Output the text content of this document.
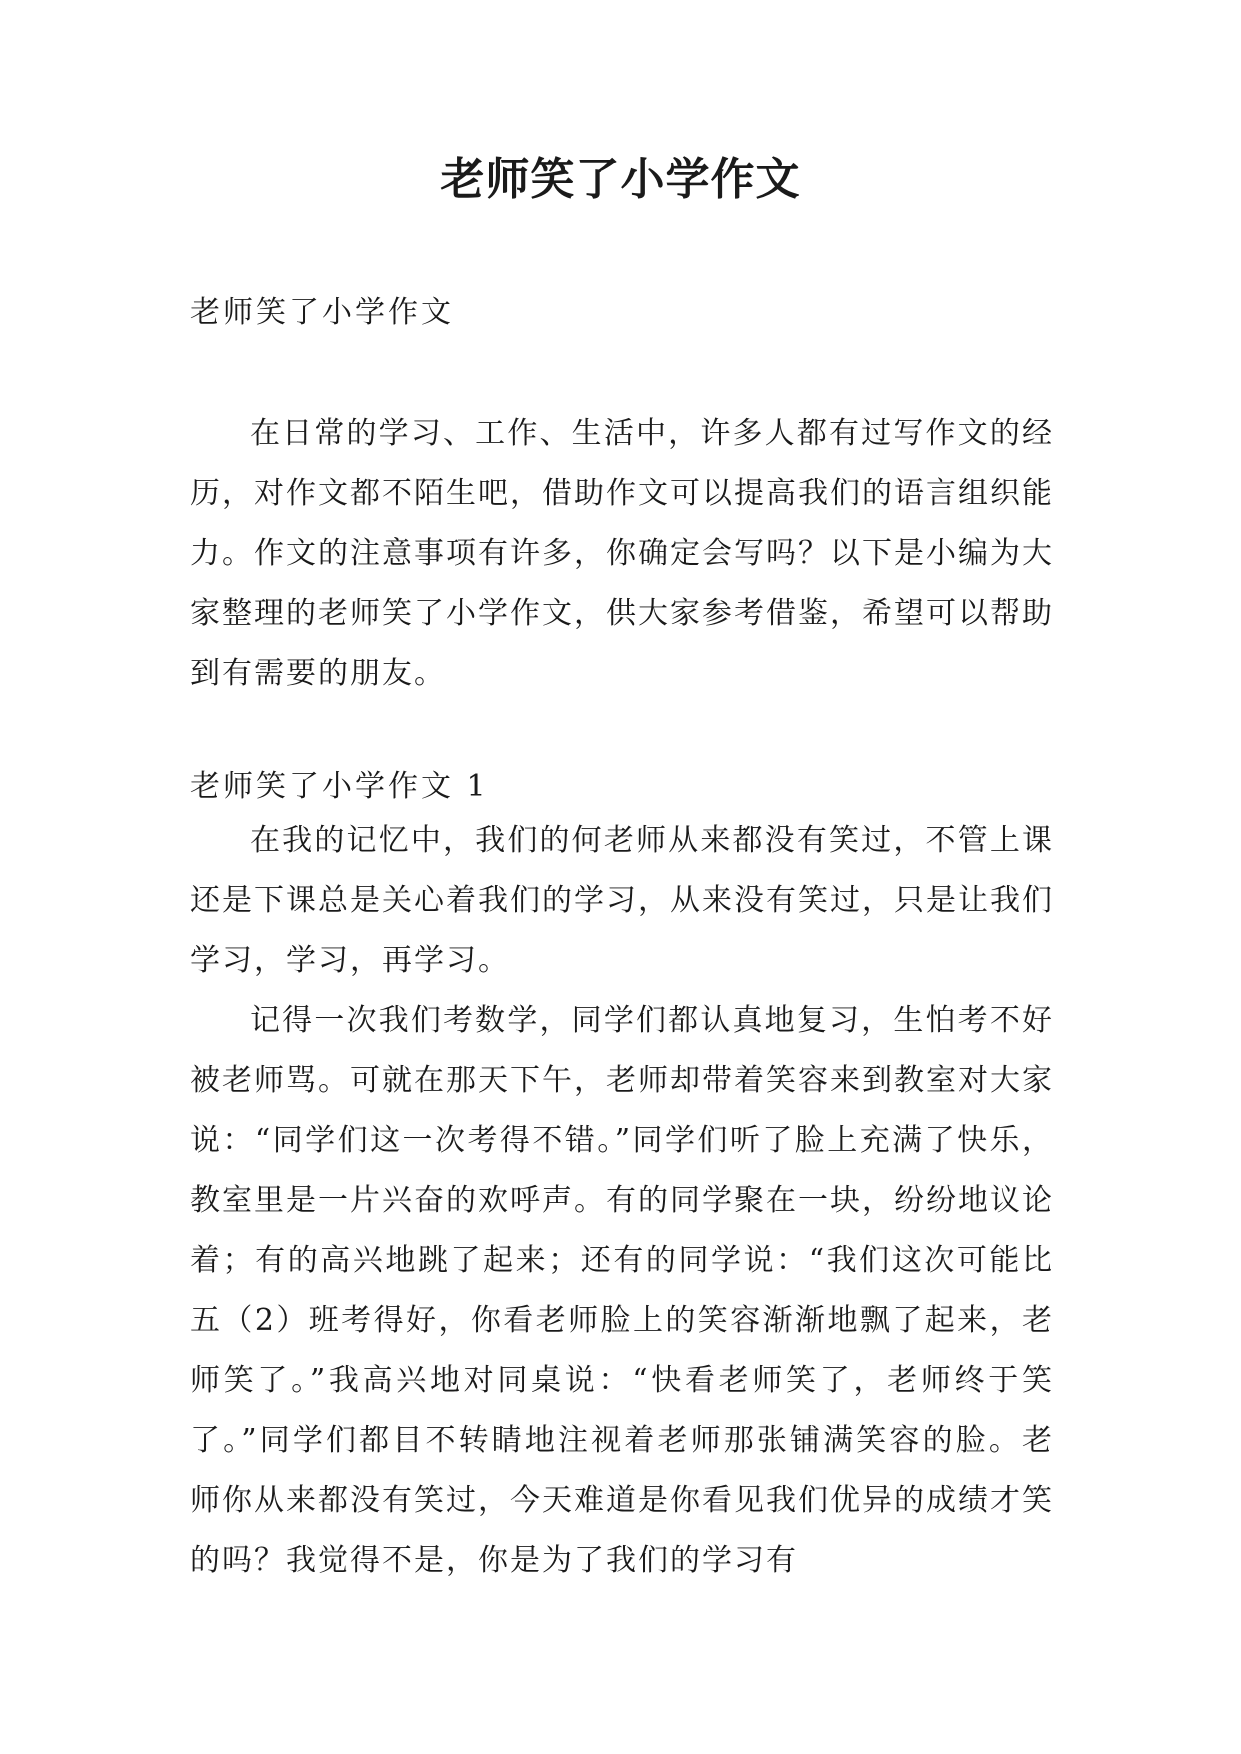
老师笑了小学作文
老师笑了小学作文

在日常的学习、工作、生活中，许多人都有过写作文的经历，对作文都不陌生吧，借助作文可以提高我们的语言组织能力。作文的注意事项有许多，你确定会写吗？以下是小编为大家整理的老师笑了小学作文，供大家参考借鉴，希望可以帮助到有需要的朋友。

老师笑了小学作文 1

在我的记忆中，我们的何老师从来都没有笑过，不管上课还是下课总是关心着我们的学习，从来没有笑过，只是让我们学习，学习，再学习。

记得一次我们考数学，同学们都认真地复习，生怕考不好被老师骂。可就在那天下午，老师却带着笑容来到教室对大家说：“同学们这一次考得不错。”同学们听了脸上充满了快乐，教室里是一片兴奋的欢呼声。有的同学聚在一块，纷纷地议论着；有的高兴地跳了起来；还有的同学说：“我们这次可能比五（2）班考得好，你看老师脸上的笑容渐渐地飘了起来，老师笑了。”我高兴地对同桌说：“快看老师笑了，老师终于笑了。”同学们都目不转睛地注视着老师那张铺满笑容的脸。老师你从来都没有笑过，今天难道是你看见我们优异的成绩才笑的吗？我觉得不是，你是为了我们的学习有
